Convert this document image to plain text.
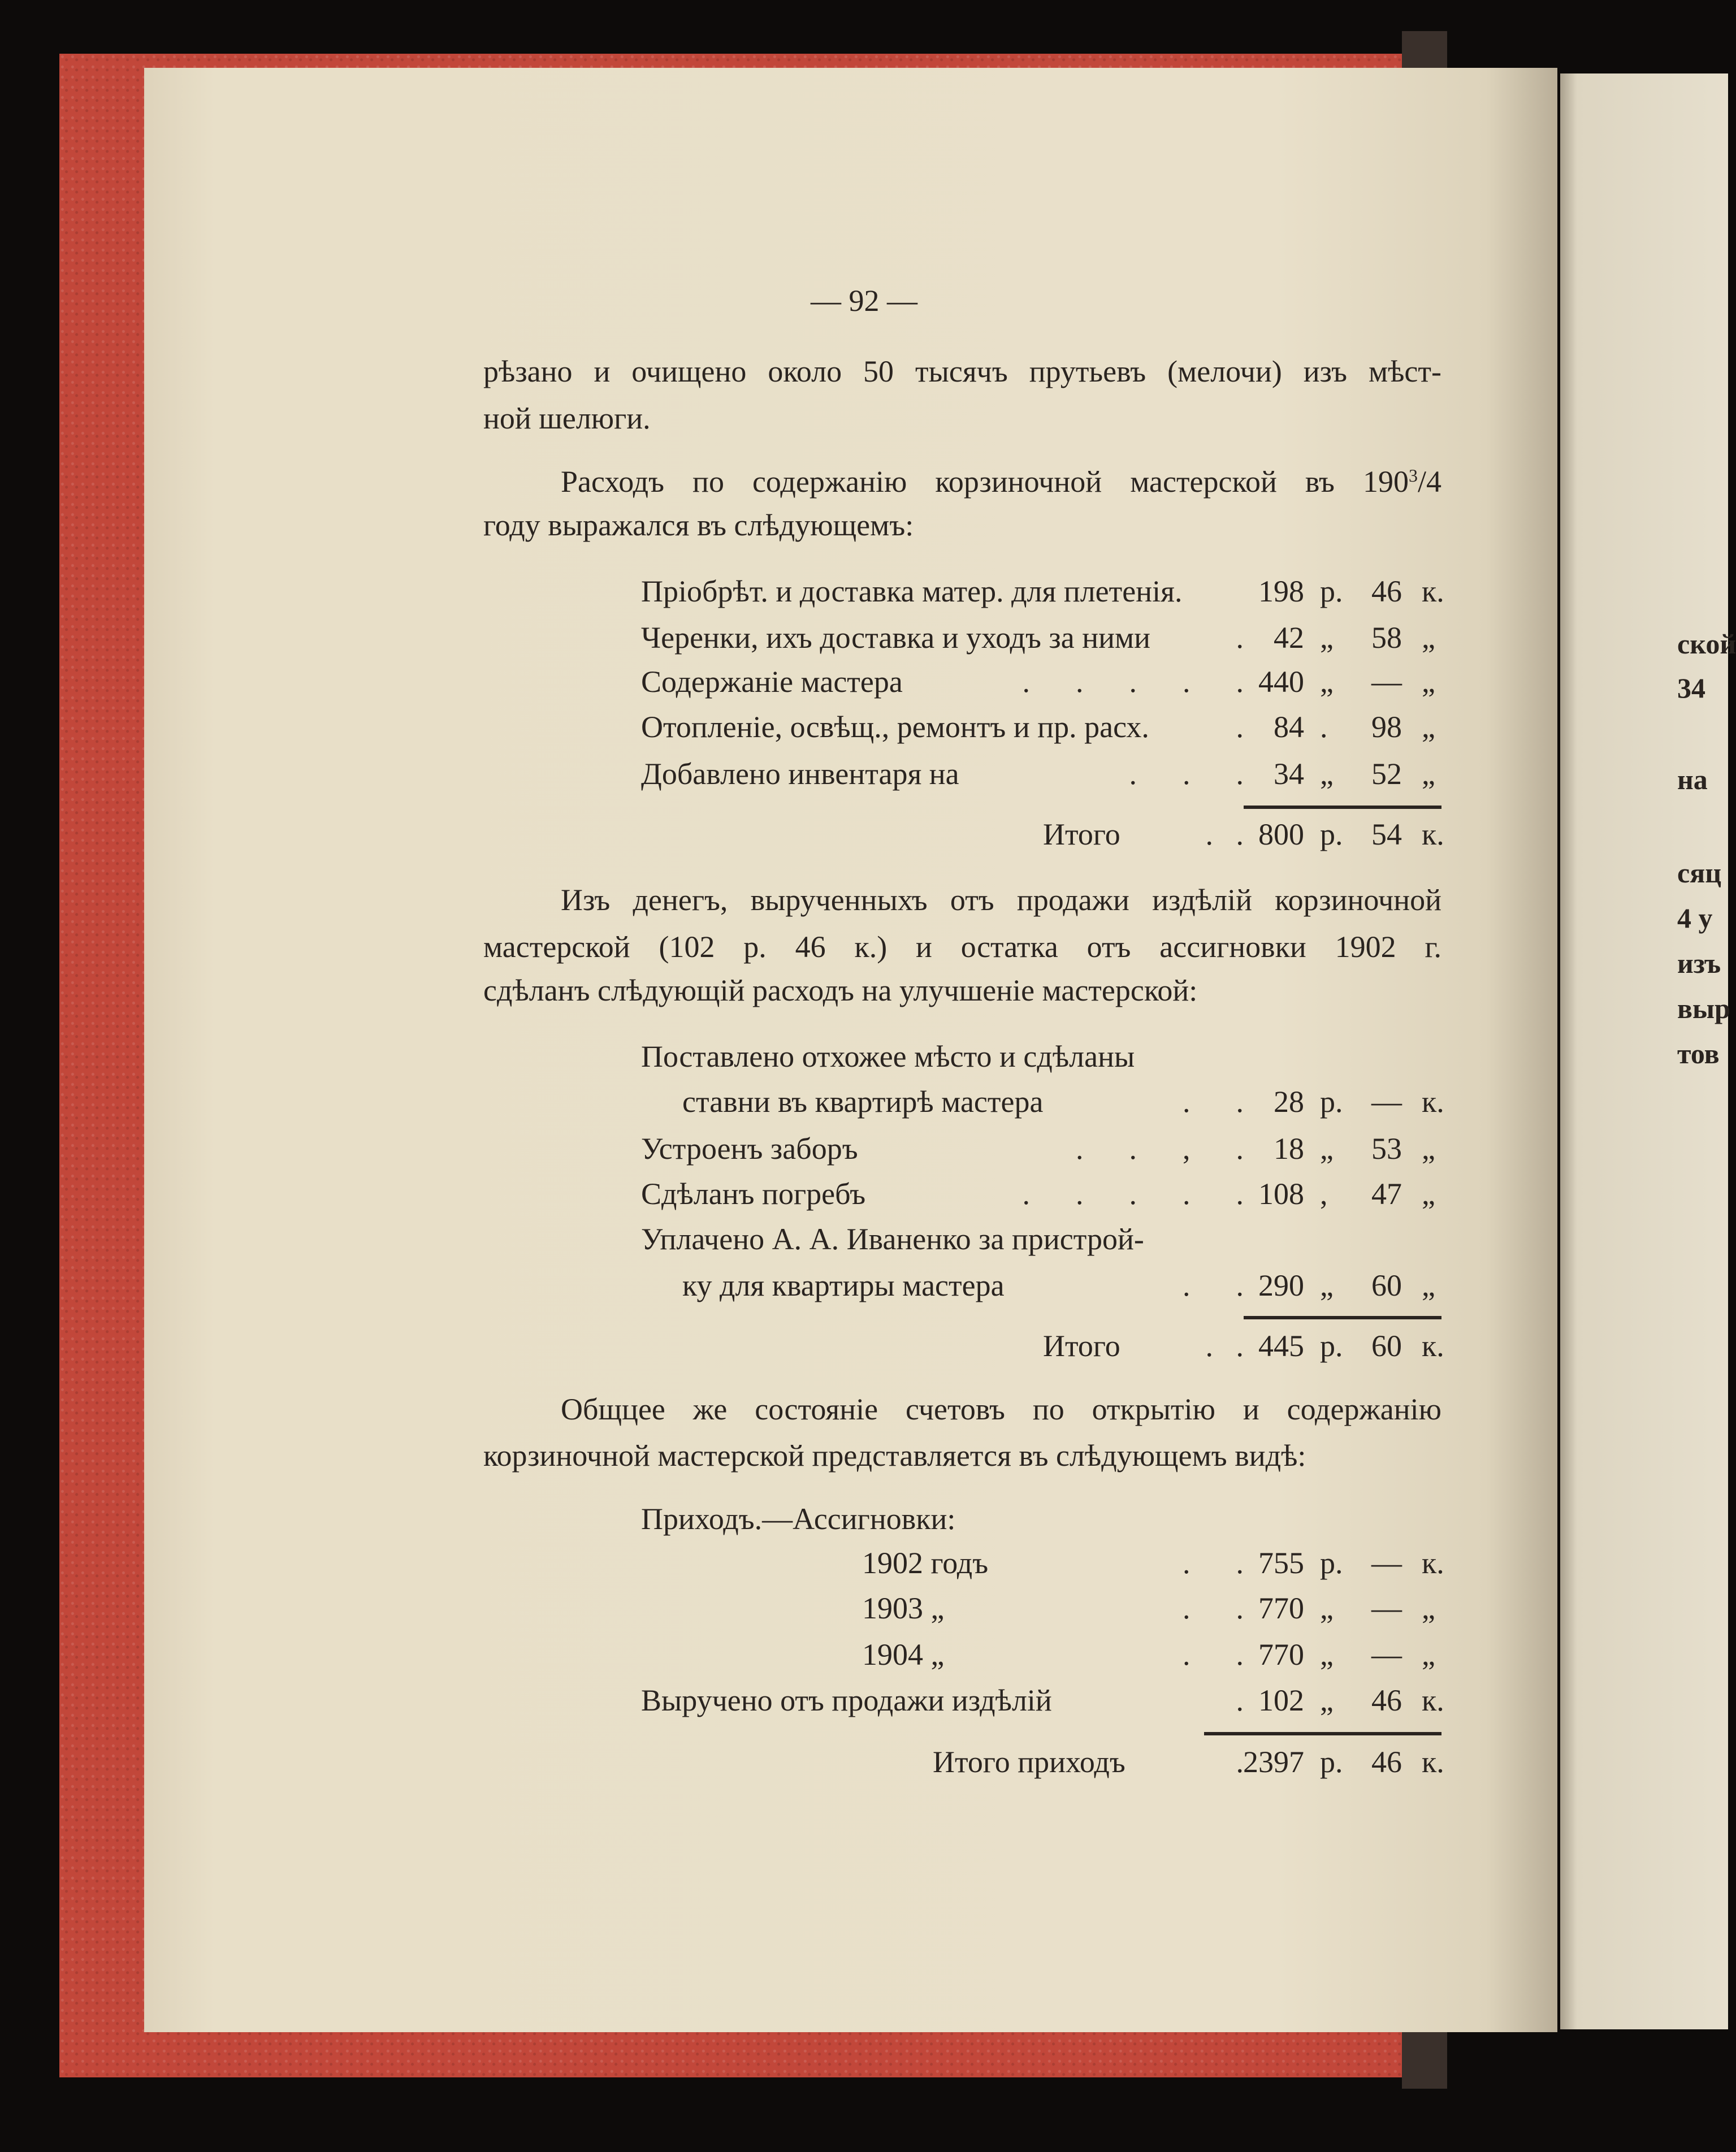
— 92 —
рѣзано и очищено около 50 тысячъ прутьевъ (мелочи) изъ мѣст-
ной шелюги.
Расходъ по содержанію корзиночной мастерской въ 190 3 /4
году выражался въ слѣдующемъ:
Изъ денегъ, вырученныхъ отъ продажи издѣлій корзиночной
мастерской (102 р. 46 к.) и остатка отъ ассигновки 1902 г.
сдѣланъ слѣдующій расходъ на улучшеніе мастерской:
Общцее же состояніе счетовъ по открытію и содержанію
корзиночной мастерской представляется въ слѣдующемъ видѣ:
Пріобрѣт. и доставка матер. для плетенія. 198 р. 46 к.
Черенки, ихъ доставка и уходъ за ними	. 42 „ 58 „
Содержаніе мастера	.      .      .      .      . 440 „ — „
Отопленіе, освѣщ., ремонтъ и пр. расх.	. 84 . 98 „
Добавлено инвентаря на	.      .      . 34 „ 52 „
Итого	.   . 800 р. 54 к.
Поставлено отхожее мѣсто и сдѣланы
ставни въ квартирѣ мастера	.      . 28 р. — к.
Устроенъ заборъ	.      .      ,      . 18 „ 53 „
Сдѣланъ погребъ	.      .      .      .      . 108 , 47 „
Уплачено А. А. Иваненко за пристрой-
ку для квартиры мастера	.      . 290 „ 60 „
Итого	.   . 445 р. 60 к.
Приходъ.—Ассигновки:
1902 годъ	.      . 755 р. — к.
1903 „	.      . 770 „ — „
1904 „	.      . 770 „ — „
Выручено отъ продажи издѣлій	. 102 „ 46 к.
Итого приходъ	. 2397 р. 46 к.
ской
34
на
сяц
4 у
изъ
выр
тов
